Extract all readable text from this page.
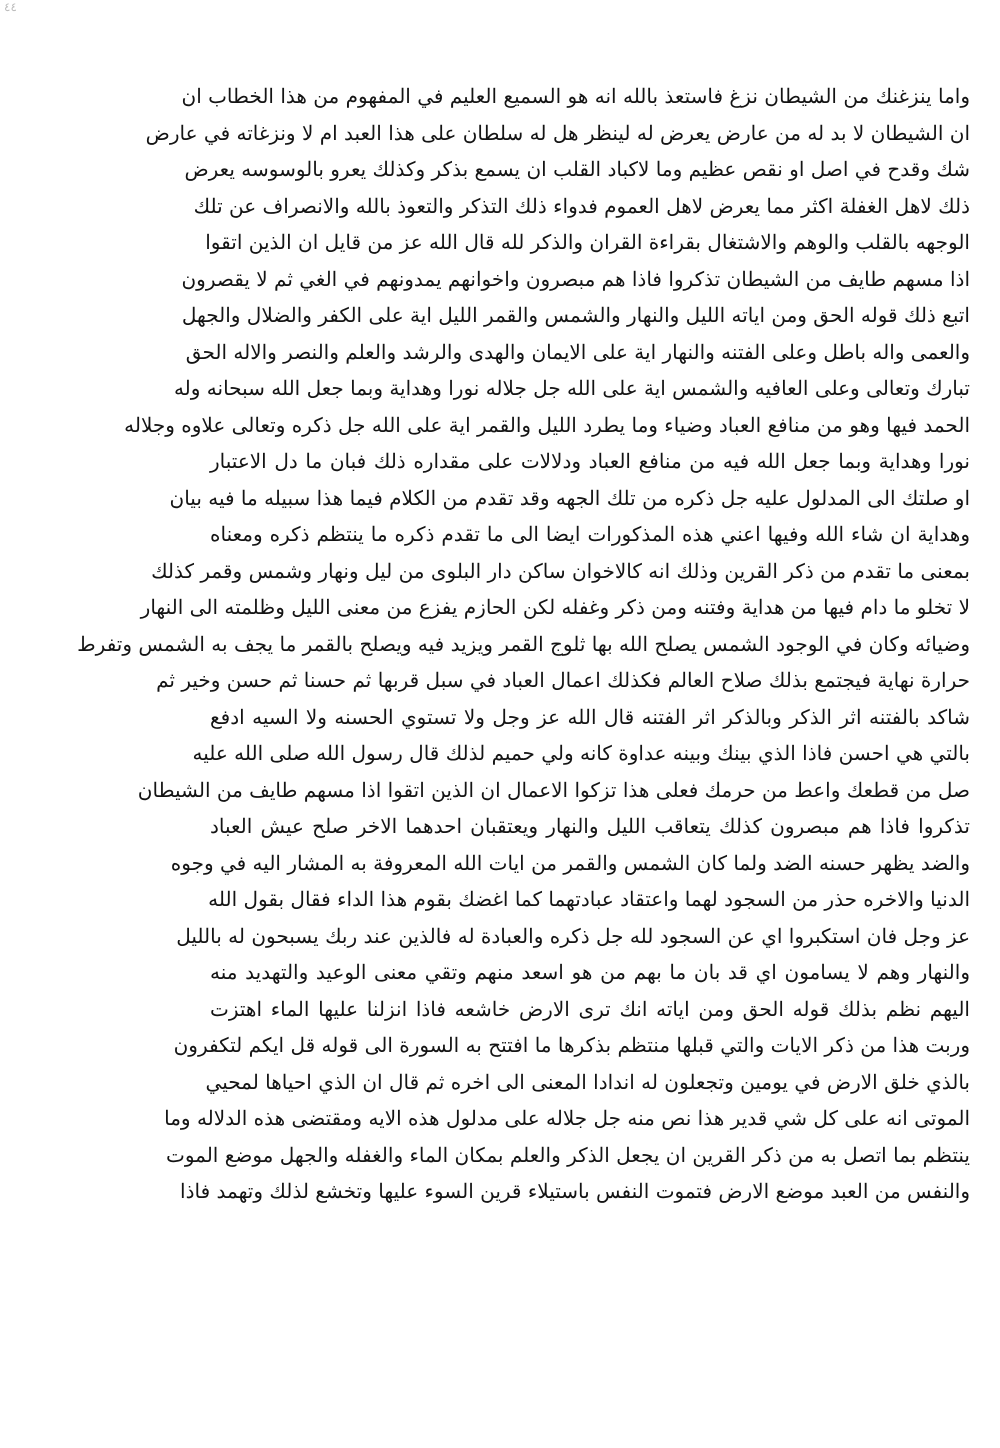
٤٤
واما ينزغنك من الشيطان نزغ فاستعذ بالله انه هو السميع العليم في المفهوم من هذا الخطاب ان
ان الشيطان لا بد له من عارض يعرض له لينظر هل له سلطان على هذا العبد ام لا ونزغاته في عارض
شك وقدح في اصل او نقص عظيم وما لاكباد القلب ان يسمع بذكر وكذلك يعرو بالوسوسه يعرض
ذلك لاهل الغفلة اكثر مما يعرض لاهل العموم فدواء ذلك التذكر والتعوذ بالله والانصراف عن تلك
الوجهه بالقلب والوهم والاشتغال بقراءة القران والذكر لله قال الله عز من قايل ان الذين اتقوا
اذا مسهم طايف من الشيطان تذكروا فاذا هم مبصرون واخوانهم يمدونهم في الغي ثم لا يقصرون
اتبع ذلك قوله الحق ومن اياته الليل والنهار والشمس والقمر الليل اية على الكفر والضلال والجهل
والعمى واله باطل وعلى الفتنه والنهار اية على الايمان والهدى والرشد والعلم والنصر والاله الحق
تبارك وتعالى وعلى العافيه والشمس اية على الله جل جلاله نورا وهداية وبما جعل الله سبحانه وله
الحمد فيها وهو من منافع العباد وضياء وما يطرد الليل والقمر اية على الله جل ذكره وتعالى علاوه وجلاله
نورا وهداية وبما جعل الله فيه من منافع العباد ودلالات على مقداره ذلك فبان ما دل الاعتبار
او صلتك الى المدلول عليه جل ذكره من تلك الجهه وقد تقدم من الكلام فيما هذا سبيله ما فيه بيان
وهداية ان شاء الله وفيها اعني هذه المذكورات ايضا الى ما تقدم ذكره ما ينتظم ذكره ومعناه
بمعنى ما تقدم من ذكر القرين وذلك انه كالاخوان ساكن دار البلوى من ليل ونهار وشمس وقمر كذلك
لا تخلو ما دام فيها من هداية وفتنه ومن ذكر وغفله لكن الحازم يفزع من معنى الليل وظلمته الى النهار
وضيائه وكان في الوجود الشمس يصلح الله بها ثلوج القمر ويزيد فيه ويصلح بالقمر ما يجف به الشمس وتفرط
حرارة نهاية فيجتمع بذلك صلاح العالم فكذلك اعمال العباد في سبل قربها ثم حسنا ثم حسن وخير ثم
شاكد بالفتنه اثر الذكر وبالذكر اثر الفتنه قال الله عز وجل ولا تستوي الحسنه ولا السيه ادفع
بالتي هي احسن فاذا الذي بينك وبينه عداوة كانه ولي حميم لذلك قال رسول الله صلى الله عليه
صل من قطعك واعط من حرمك فعلى هذا تزكوا الاعمال ان الذين اتقوا اذا مسهم طايف من الشيطان
تذكروا فاذا هم مبصرون كذلك يتعاقب الليل والنهار ويعتقبان احدهما الاخر صلح عيش العباد
والضد يظهر حسنه الضد ولما كان الشمس والقمر من ايات الله المعروفة به المشار اليه في وجوه
الدنيا والاخره حذر من السجود لهما واعتقاد عبادتهما كما اغضك بقوم هذا الداء فقال بقول الله
عز وجل فان استكبروا اي عن السجود لله جل ذكره والعبادة له فالذين عند ربك يسبحون له بالليل
والنهار وهم لا يسامون اي قد بان ما بهم من هو اسعد منهم وتقي معنى الوعيد والتهديد منه
اليهم نظم بذلك قوله الحق ومن اياته انك ترى الارض خاشعه فاذا انزلنا عليها الماء اهتزت
وربت هذا من ذكر الايات والتي قبلها منتظم بذكرها ما افتتح به السورة الى قوله قل ايكم لتكفرون
بالذي خلق الارض في يومين وتجعلون له اندادا المعنى الى اخره ثم قال ان الذي احياها لمحيي
الموتى انه على كل شي قدير هذا نص منه جل جلاله على مدلول هذه الايه ومقتضى هذه الدلاله وما
ينتظم بما اتصل به من ذكر القرين ان يجعل الذكر والعلم بمكان الماء والغفله والجهل موضع الموت
والنفس من العبد موضع الارض فتموت النفس باستيلاء قرين السوء عليها وتخشع لذلك وتهمد فاذا
